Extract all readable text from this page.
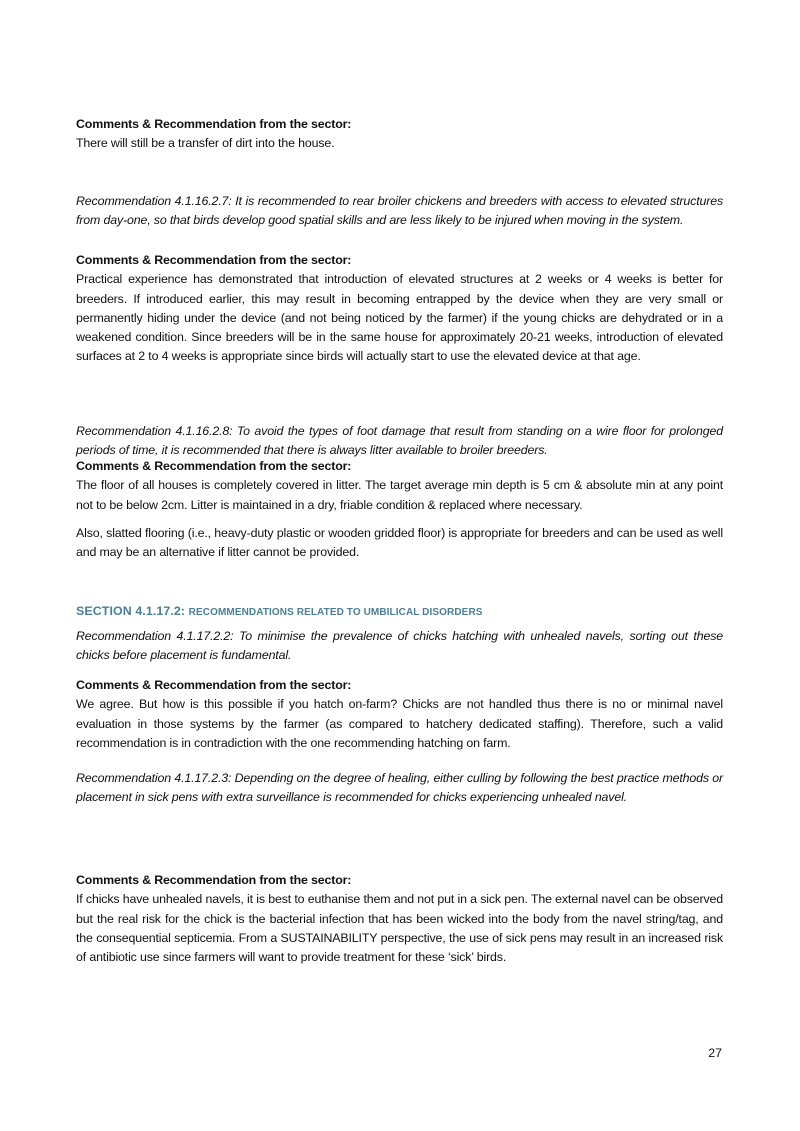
Comments & Recommendation from the sector:
There will still be a transfer of dirt into the house.
Recommendation 4.1.16.2.7: It is recommended to rear broiler chickens and breeders with access to elevated structures from day-one, so that birds develop good spatial skills and are less likely to be injured when moving in the system.
Comments & Recommendation from the sector:
Practical experience has demonstrated that introduction of elevated structures at 2 weeks or 4 weeks is better for breeders. If introduced earlier, this may result in becoming entrapped by the device when they are very small or permanently hiding under the device (and not being noticed by the farmer) if the young chicks are dehydrated or in a weakened condition. Since breeders will be in the same house for approximately 20-21 weeks, introduction of elevated surfaces at 2 to 4 weeks is appropriate since birds will actually start to use the elevated device at that age.
Recommendation 4.1.16.2.8: To avoid the types of foot damage that result from standing on a wire floor for prolonged periods of time, it is recommended that there is always litter available to broiler breeders.
Comments & Recommendation from the sector:
The floor of all houses is completely covered in litter. The target average min depth is 5 cm & absolute min at any point not to be below 2cm. Litter is maintained in a dry, friable condition & replaced where necessary.
Also, slatted flooring (i.e., heavy-duty plastic or wooden gridded floor) is appropriate for breeders and can be used as well and may be an alternative if litter cannot be provided.
SECTION 4.1.17.2: RECOMMENDATIONS RELATED TO UMBILICAL DISORDERS
Recommendation 4.1.17.2.2: To minimise the prevalence of chicks hatching with unhealed navels, sorting out these chicks before placement is fundamental.
Comments & Recommendation from the sector:
We agree. But how is this possible if you hatch on-farm? Chicks are not handled thus there is no or minimal navel evaluation in those systems by the farmer (as compared to hatchery dedicated staffing). Therefore, such a valid recommendation is in contradiction with the one recommending hatching on farm.
Recommendation 4.1.17.2.3: Depending on the degree of healing, either culling by following the best practice methods or placement in sick pens with extra surveillance is recommended for chicks experiencing unhealed navel.
Comments & Recommendation from the sector:
If chicks have unhealed navels, it is best to euthanise them and not put in a sick pen. The external navel can be observed but the real risk for the chick is the bacterial infection that has been wicked into the body from the navel string/tag, and the consequential septicemia. From a SUSTAINABILITY perspective, the use of sick pens may result in an increased risk of antibiotic use since farmers will want to provide treatment for these ‘sick’ birds.
27
